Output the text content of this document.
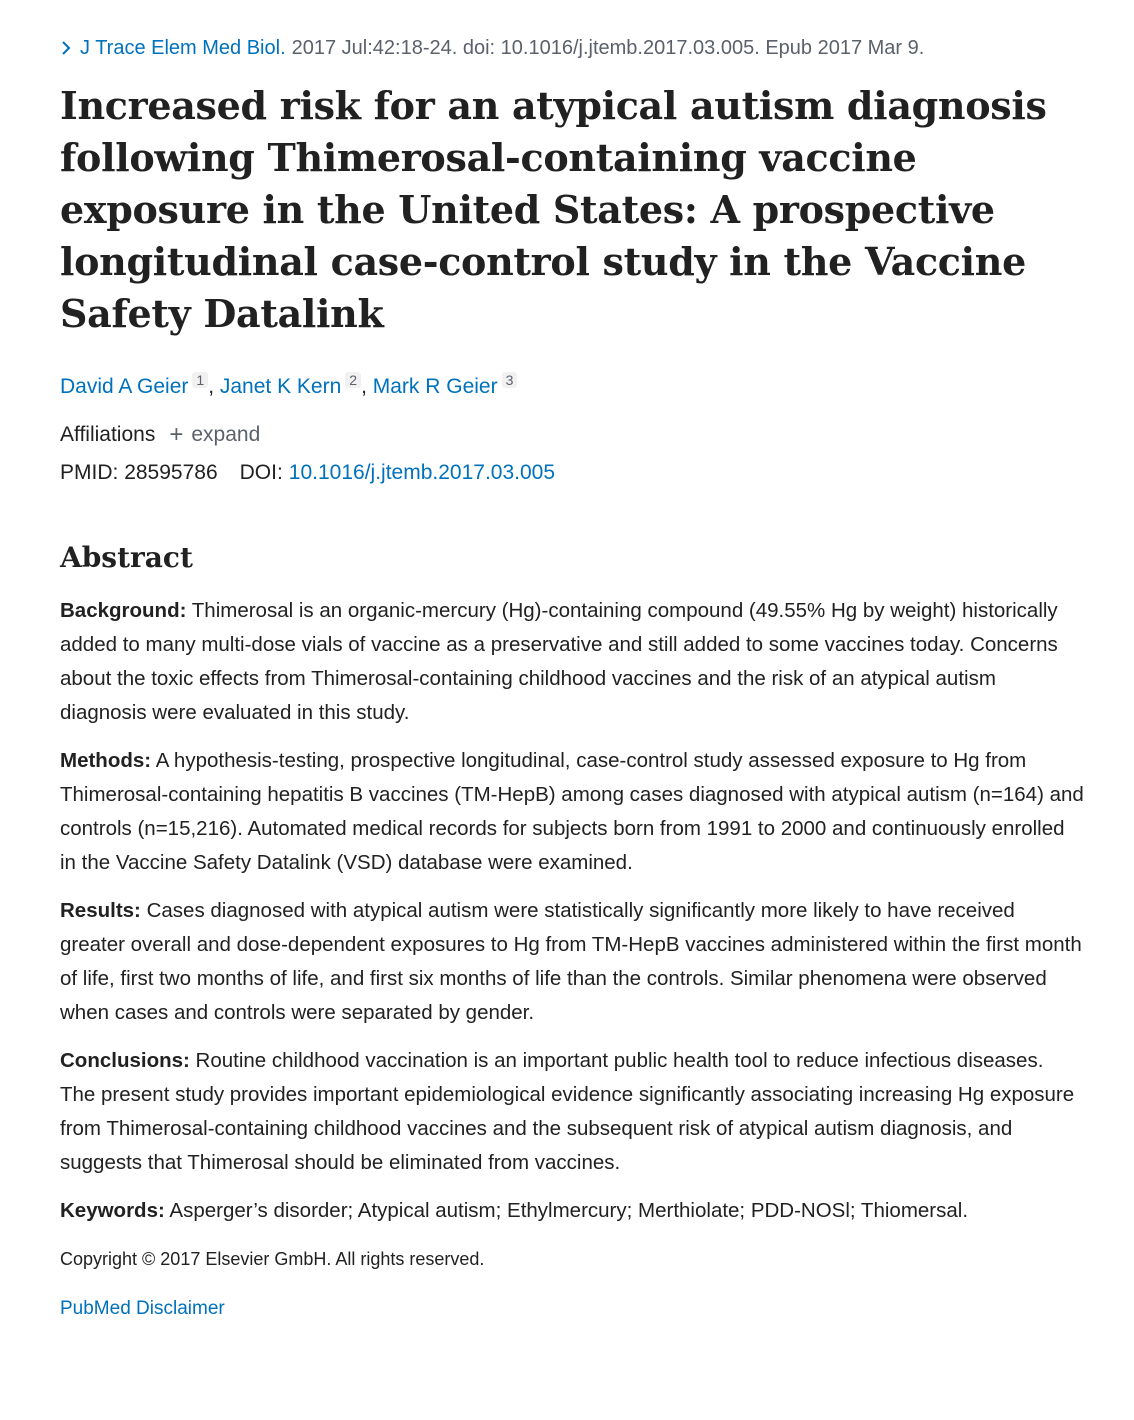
J Trace Elem Med Biol. 2017 Jul:42:18-24. doi: 10.1016/j.jtemb.2017.03.005. Epub 2017 Mar 9.
Increased risk for an atypical autism diagnosis following Thimerosal-containing vaccine exposure in the United States: A prospective longitudinal case-control study in the Vaccine Safety Datalink
David A Geier 1 , Janet K Kern 2 , Mark R Geier 3
Affiliations + expand
PMID:
28595786 DOI: 10.1016/j.jtemb.2017.03.005
Abstract
Background: Thimerosal is an organic-mercury (Hg)-containing compound (49.55% Hg by weight) historically added to many multi-dose vials of vaccine as a preservative and still added to some vaccines today. Concerns about the toxic effects from Thimerosal-containing childhood vaccines and the risk of an atypical autism diagnosis were evaluated in this study.
Methods: A hypothesis-testing, prospective longitudinal, case-control study assessed exposure to Hg from Thimerosal-containing hepatitis B vaccines (TM-HepB) among cases diagnosed with atypical autism (n=164) and controls (n=15,216). Automated medical records for subjects born from 1991 to 2000 and continuously enrolled in the Vaccine Safety Datalink (VSD) database were examined.
Results: Cases diagnosed with atypical autism were statistically significantly more likely to have received greater overall and dose-dependent exposures to Hg from TM-HepB vaccines administered within the first month of life, first two months of life, and first six months of life than the controls. Similar phenomena were observed when cases and controls were separated by gender.
Conclusions: Routine childhood vaccination is an important public health tool to reduce infectious diseases. The present study provides important epidemiological evidence significantly associating increasing Hg exposure from Thimerosal-containing childhood vaccines and the subsequent risk of atypical autism diagnosis, and suggests that Thimerosal should be eliminated from vaccines.
Keywords: Asperger’s disorder; Atypical autism; Ethylmercury; Merthiolate; PDD-NOSl; Thiomersal.
Copyright © 2017 Elsevier GmbH. All rights reserved.
PubMed Disclaimer
